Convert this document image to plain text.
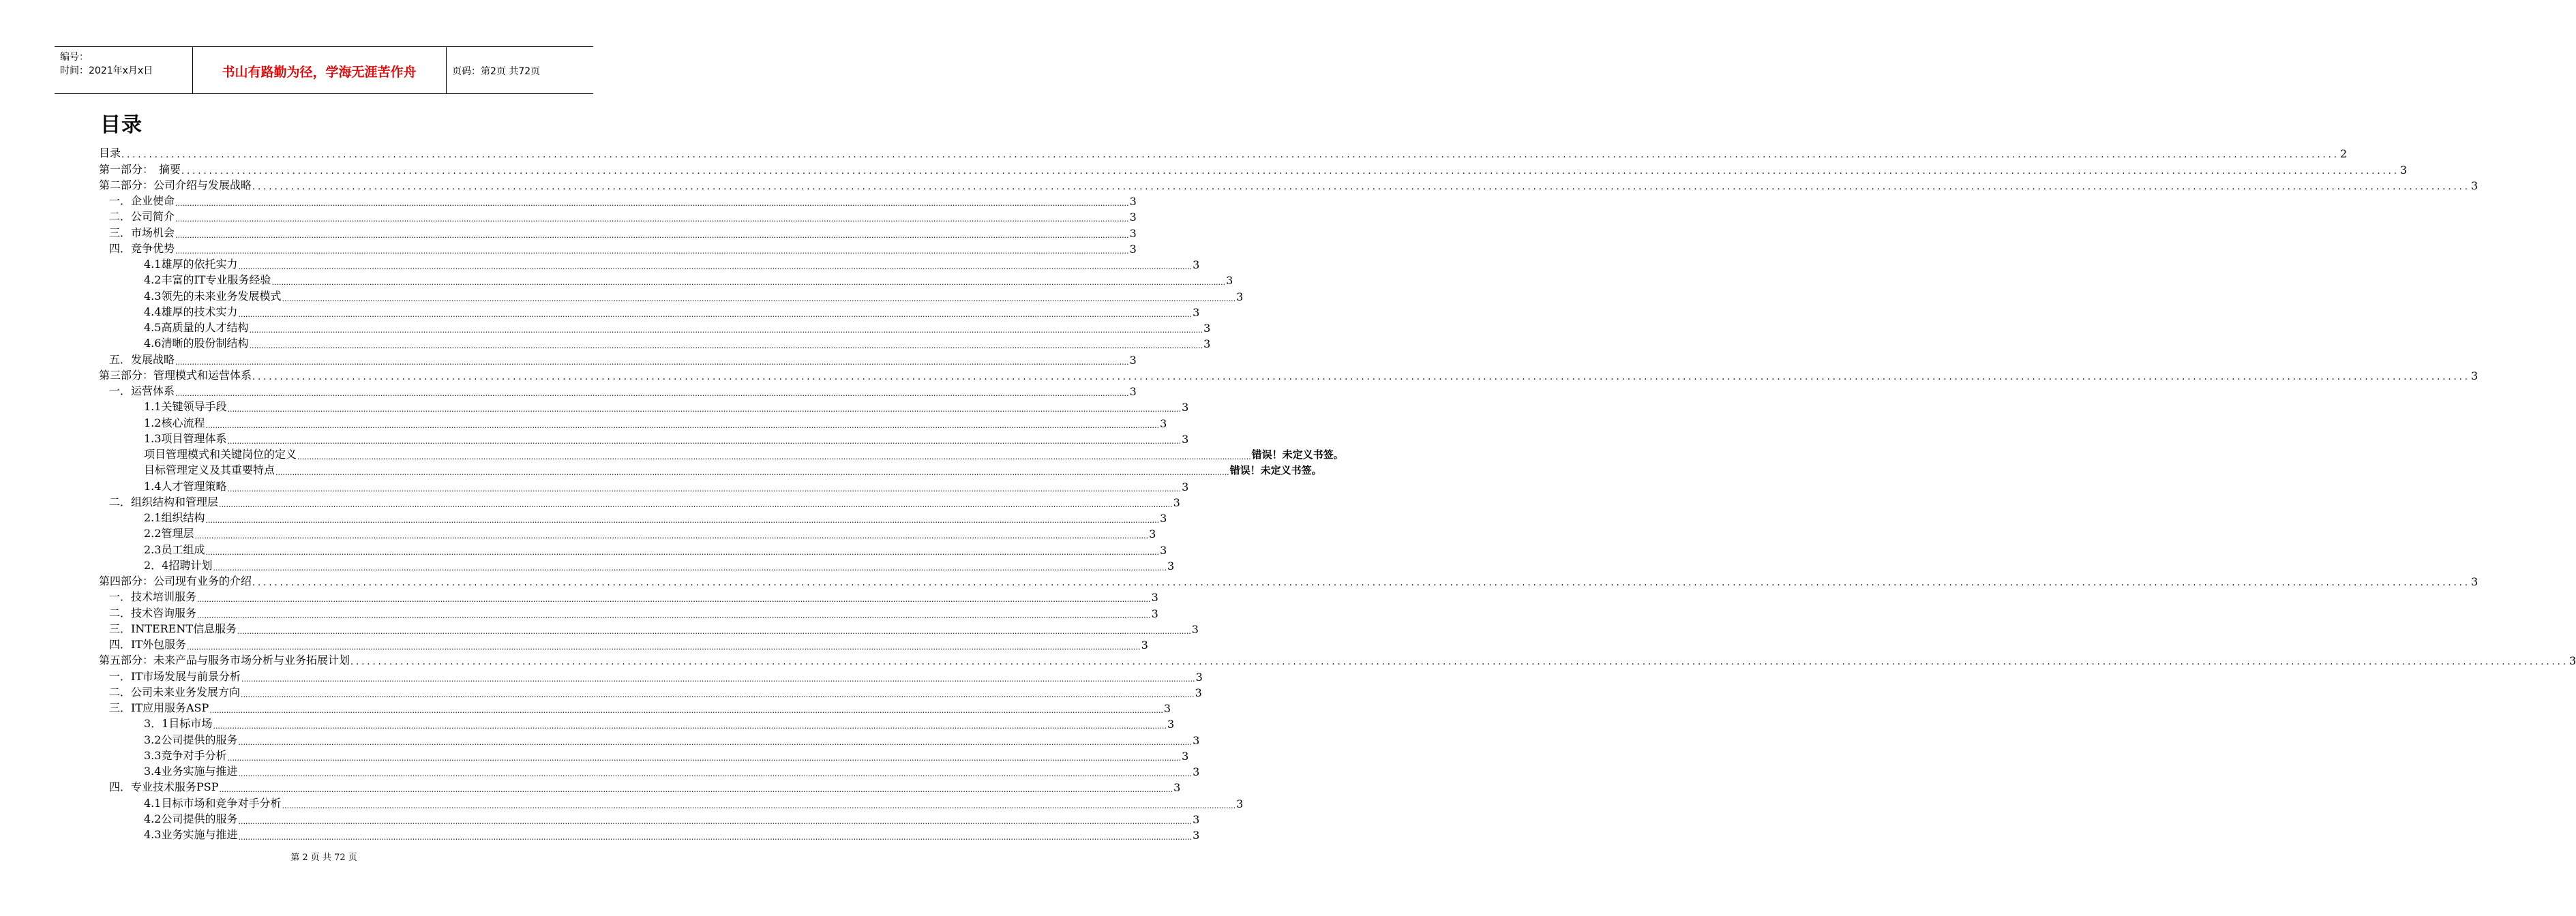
编号：
时间：2021年x月x日	书山有路勤为径，学海无涯苦作舟	页码：第2页 共72页
目录
目录 ................................................................................................................................................................................................................................................................................................................................................................................................................ 2
第一部分：　摘要 ................................................................................................................................................................................................................................................................................................................................................................................................................ 3
第二部分：公司介绍与发展战略 ................................................................................................................................................................................................................................................................................................................................................................................................................ 3
一．企业使命 ................................................................................................................................................................................................................................................................................................................................................................................................................ 3
二．公司简介 ................................................................................................................................................................................................................................................................................................................................................................................................................ 3
三．市场机会 ................................................................................................................................................................................................................................................................................................................................................................................................................ 3
四．竞争优势 ................................................................................................................................................................................................................................................................................................................................................................................................................ 3
4.1雄厚的依托实力 ................................................................................................................................................................................................................................................................................................................................................................................................................ 3
4.2丰富的IT专业服务经验 ................................................................................................................................................................................................................................................................................................................................................................................................................ 3
4.3领先的未来业务发展模式 ................................................................................................................................................................................................................................................................................................................................................................................................................ 3
4.4雄厚的技术实力 ................................................................................................................................................................................................................................................................................................................................................................................................................ 3
4.5高质量的人才结构 ................................................................................................................................................................................................................................................................................................................................................................................................................ 3
4.6清晰的股份制结构 ................................................................................................................................................................................................................................................................................................................................................................................................................ 3
五．发展战略 ................................................................................................................................................................................................................................................................................................................................................................................................................ 3
第三部分：管理模式和运营体系 ................................................................................................................................................................................................................................................................................................................................................................................................................ 3
一．运营体系 ................................................................................................................................................................................................................................................................................................................................................................................................................ 3
1.1关键领导手段 ................................................................................................................................................................................................................................................................................................................................................................................................................ 3
1.2核心流程 ................................................................................................................................................................................................................................................................................................................................................................................................................ 3
1.3项目管理体系 ................................................................................................................................................................................................................................................................................................................................................................................................................ 3
项目管理模式和关键岗位的定义 ................................................................................................................................................................................................................................................................................................................................................................................................................ 错误！未定义书签。
目标管理定义及其重要特点 ................................................................................................................................................................................................................................................................................................................................................................................................................ 错误！未定义书签。
1.4人才管理策略 ................................................................................................................................................................................................................................................................................................................................................................................................................ 3
二．组织结构和管理层 ................................................................................................................................................................................................................................................................................................................................................................................................................ 3
2.1组织结构 ................................................................................................................................................................................................................................................................................................................................................................................................................ 3
2.2管理层 ................................................................................................................................................................................................................................................................................................................................................................................................................ 3
2.3员工组成 ................................................................................................................................................................................................................................................................................................................................................................................................................ 3
2．4招聘计划 ................................................................................................................................................................................................................................................................................................................................................................................................................ 3
第四部分：公司现有业务的介绍 ................................................................................................................................................................................................................................................................................................................................................................................................................ 3
一．技术培训服务 ................................................................................................................................................................................................................................................................................................................................................................................................................ 3
二．技术咨询服务 ................................................................................................................................................................................................................................................................................................................................................................................................................ 3
三．INTERENT信息服务 ................................................................................................................................................................................................................................................................................................................................................................................................................ 3
四．IT外包服务 ................................................................................................................................................................................................................................................................................................................................................................................................................ 3
第五部分：未来产品与服务市场分析与业务拓展计划 ................................................................................................................................................................................................................................................................................................................................................................................................................ 3
一．IT市场发展与前景分析 ................................................................................................................................................................................................................................................................................................................................................................................................................ 3
二．公司未来业务发展方向 ................................................................................................................................................................................................................................................................................................................................................................................................................ 3
三．IT应用服务ASP ................................................................................................................................................................................................................................................................................................................................................................................................................ 3
3．1目标市场 ................................................................................................................................................................................................................................................................................................................................................................................................................ 3
3.2公司提供的服务 ................................................................................................................................................................................................................................................................................................................................................................................................................ 3
3.3竞争对手分析 ................................................................................................................................................................................................................................................................................................................................................................................................................ 3
3.4业务实施与推进 ................................................................................................................................................................................................................................................................................................................................................................................................................ 3
四．专业技术服务PSP ................................................................................................................................................................................................................................................................................................................................................................................................................ 3
4.1目标市场和竞争对手分析 ................................................................................................................................................................................................................................................................................................................................................................................................................ 3
4.2公司提供的服务 ................................................................................................................................................................................................................................................................................................................................................................................................................ 3
4.3业务实施与推进 ................................................................................................................................................................................................................................................................................................................................................................................................................ 3
第 2 页 共 72 页
